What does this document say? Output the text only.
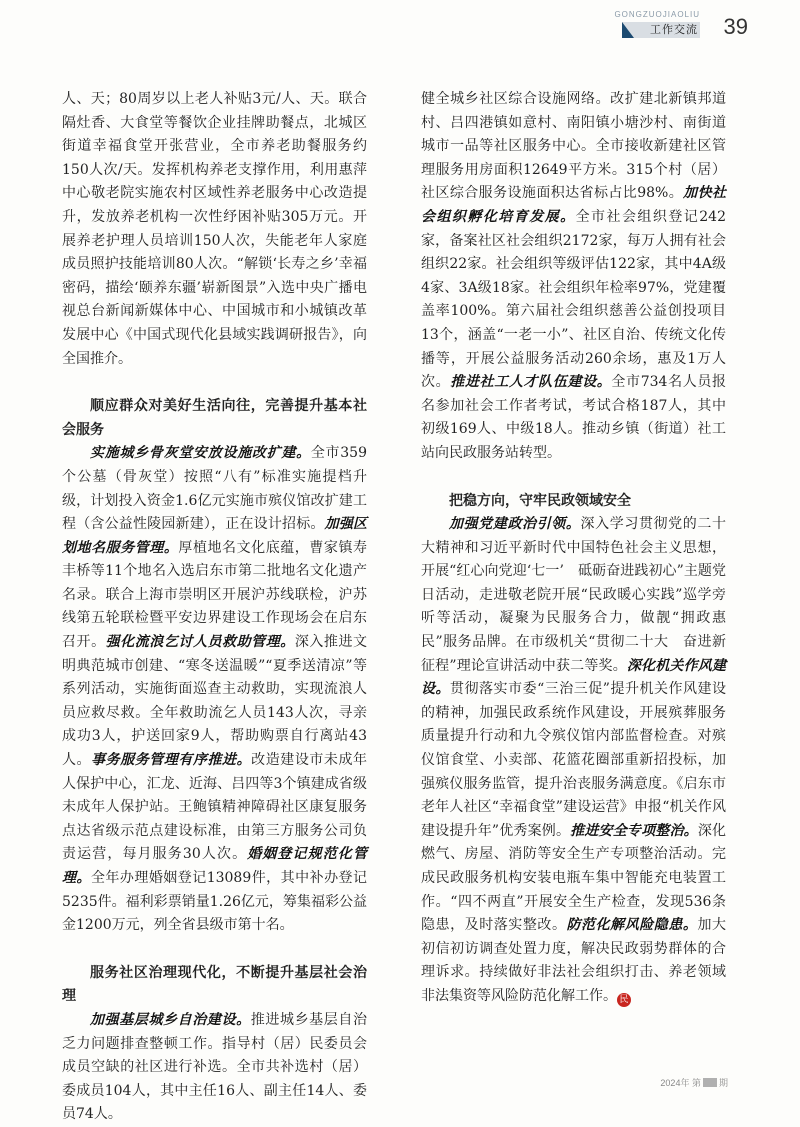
GONGZUOJIAOLIU
工作交流 39

人、天；80周岁以上老人补贴3元/人、天。联合隔灶香、大食堂等餐饮企业挂牌助餐点，北城区街道幸福食堂开张营业，全市养老助餐服务约150人次/天。发挥机构养老支撑作用，利用惠萍中心敬老院实施农村区域性养老服务中心改造提升，发放养老机构一次性纾困补贴305万元。开展养老护理人员培训150人次，失能老年人家庭成员照护技能培训80人次。“解锁‘长寿之乡’幸福密码，描绘‘颐养东疆’崭新图景”入选中央广播电视总台新闻新媒体中心、中国城市和小城镇改革发展中心《中国式现代化县域实践调研报告》，向全国推介。

顺应群众对美好生活向往，完善提升基本社会服务

实施城乡骨灰堂安放设施改扩建。全市359个公墓（骨灰堂）按照“八有”标准实施提档升级，计划投入资金1.6亿元实施市殡仪馆改扩建工程（含公益性陵园新建），正在设计招标。加强区划地名服务管理。厚植地名文化底蕴，曹家镇寿丰桥等11个地名入选启东市第二批地名文化遗产名录。联合上海市崇明区开展沪苏线联检，沪苏线第五轮联检暨平安边界建设工作现场会在启东召开。强化流浪乞讨人员救助管理。深入推进文明典范城市创建、“寒冬送温暖”“夏季送清凉”等系列活动，实施街面巡查主动救助，实现流浪人员应救尽救。全年救助流乞人员143人次，寻亲成功3人，护送回家9人，帮助购票自行离站43人。事务服务管理有序推进。改造建设市未成年人保护中心，汇龙、近海、吕四等3个镇建成省级未成年人保护站。王鲍镇精神障碍社区康复服务点达省级示范点建设标准，由第三方服务公司负责运营，每月服务30人次。婚姻登记规范化管理。全年办理婚姻登记13089件，其中补办登记5235件。福利彩票销量1.26亿元，筹集福彩公益金1200万元，列全省县级市第十名。

服务社区治理现代化，不断提升基层社会治理

加强基层城乡自治建设。推进城乡基层自治乏力问题排查整顿工作。指导村（居）民委员会成员空缺的社区进行补选。全市共补选村（居）委成员104人，其中主任16人、副主任14人、委员74人。

健全城乡社区综合设施网络。改扩建北新镇邦道村、吕四港镇如意村、南阳镇小塘沙村、南街道城市一品等社区服务中心。全市接收新建社区管理服务用房面积12649平方米。315个村（居）社区综合服务设施面积达省标占比98%。加快社会组织孵化培育发展。全市社会组织登记242家，备案社区社会组织2172家，每万人拥有社会组织22家。社会组织等级评估122家，其中4A级4家、3A级18家。社会组织年检率97%，党建覆盖率100%。第六届社会组织慈善公益创投项目13个，涵盖“一老一小”、社区自治、传统文化传播等，开展公益服务活动260余场，惠及1万人次。推进社工人才队伍建设。全市734名人员报名参加社会工作者考试，考试合格187人，其中初级169人、中级18人。推动乡镇（街道）社工站向民政服务站转型。

把稳方向，守牢民政领域安全

加强党建政治引领。深入学习贯彻党的二十大精神和习近平新时代中国特色社会主义思想，开展“红心向党迎‘七一’　砥砺奋进践初心”主题党日活动，走进敬老院开展“民政暖心实践”巡学旁听等活动，凝聚为民服务合力，做靓“拥政惠民”服务品牌。在市级机关“贯彻二十大　奋进新征程”理论宣讲活动中获二等奖。深化机关作风建设。贯彻落实市委“三治三促”提升机关作风建设的精神，加强民政系统作风建设，开展殡葬服务质量提升行动和九令殡仪馆内部监督检查。对殡仪馆食堂、小卖部、花篮花圈部重新招投标，加强殡仪服务监管，提升治丧服务满意度。《启东市老年人社区“幸福食堂”建设运营》申报“机关作风建设提升年”优秀案例。推进安全专项整治。深化燃气、房屋、消防等安全生产专项整治活动。完成民政服务机构安装电瓶车集中智能充电装置工作。“四不两直”开展安全生产检查，发现536条隐患，及时落实整改。防范化解风险隐患。加大初信初访调查处置力度，解决民政弱势群体的合理诉求。持续做好非法社会组织打击、养老领域非法集资等风险防范化解工作。 民

2024年 第 期
